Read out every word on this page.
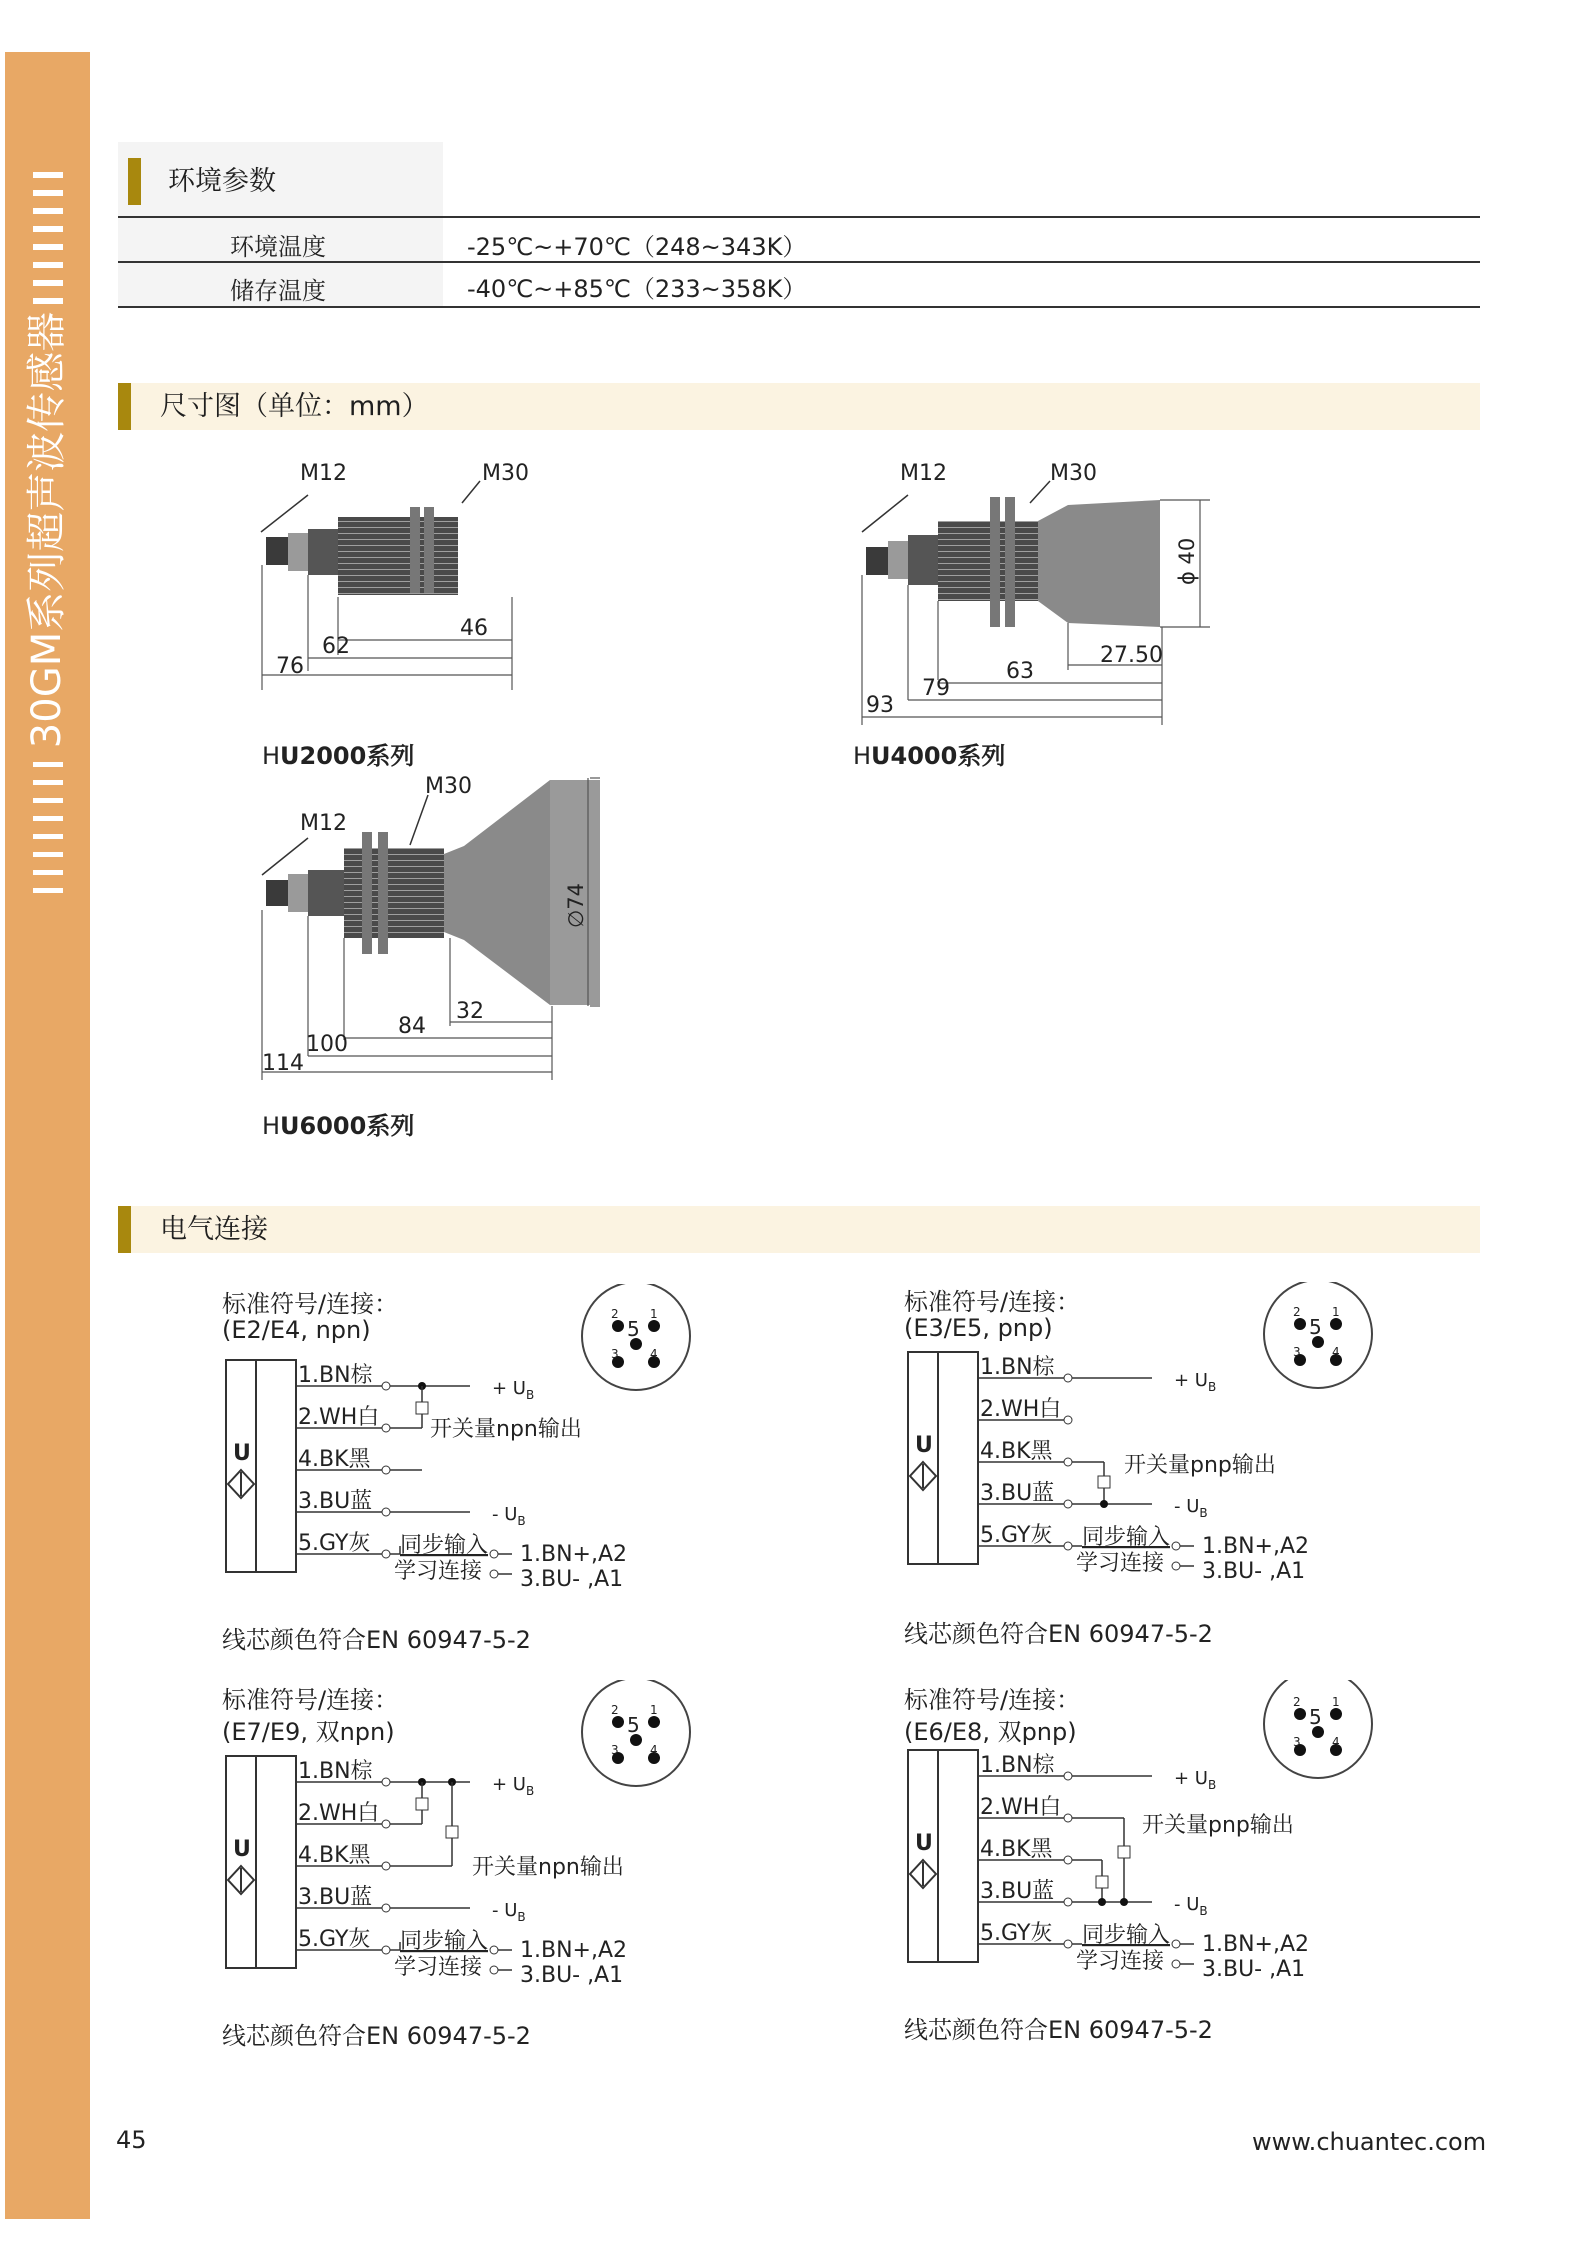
30GM系列超声波传感器
环境参数
环境温度	-25℃~+70℃（248~343K）
储存温度	-40℃~+85℃（233~358K）
尺寸图（单位：mm）
M12	M30
46
62
76
HU2000系列
M12	M30
ϕ 40
27.50
63
79
93
HU4000系列
M12
M30
∅74
32
84
100
114
HU6000系列
电气连接
标准符号/连接：
(E2/E4, npn)
2	1
5
3	4
U
1.BN棕
2.WH白
4.BK黑
3.BU蓝
5.GY灰
+ $U_B$
- $U_B$
开关量npn输出
同步输入
学习连接
1.BN+,A2
3.BU- ,A1
线芯颜色符合EN 60947-5-2
标准符号/连接：
(E3/E5, pnp)
2	1
5
3	4
U
1.BN棕
2.WH白
4.BK黑
3.BU蓝
5.GY灰
+ $U_B$
- $U_B$
开关量pnp输出
同步输入
学习连接
1.BN+,A2
3.BU- ,A1
线芯颜色符合EN 60947-5-2
标准符号/连接：
(E7/E9, 双npn)
2	1
5
3	4
U
1.BN棕
2.WH白
4.BK黑
3.BU蓝
5.GY灰
+ $U_B$
- $U_B$
开关量npn输出
同步输入
学习连接
1.BN+,A2
3.BU- ,A1
线芯颜色符合EN 60947-5-2
标准符号/连接：
(E6/E8, 双pnp)
2	1
5
3	4
U
1.BN棕
2.WH白
4.BK黑
3.BU蓝
5.GY灰
+ $U_B$
- $U_B$
开关量pnp输出
同步输入
学习连接
1.BN+,A2
3.BU- ,A1
线芯颜色符合EN 60947-5-2
45	www.chuantec.com
